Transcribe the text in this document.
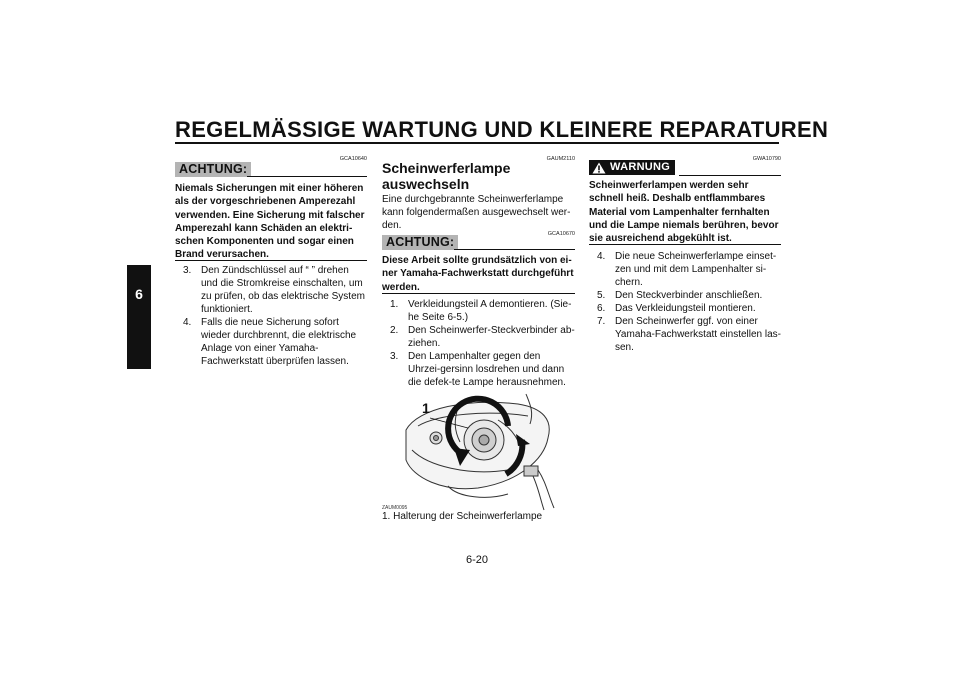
REGELMÄSSIGE WARTUNG UND KLEINERE REPARATUREN
6
GCA10640
ACHTUNG:
Niemals Sicherungen mit einer höheren als der vorgeschriebenen Amperezahl verwenden. Eine Sicherung mit falscher Amperezahl kann Schäden an elektri-schen Komponenten und sogar einen Brand verursachen.
3. Den Zündschlüssel auf “ ” drehen und die Stromkreise einschalten, um zu prüfen, ob das elektrische System funktioniert.
4. Falls die neue Sicherung sofort wieder durchbrennt, die elektrische Anlage von einer Yamaha-Fachwerkstatt überprüfen lassen.
GAUM2110
Scheinwerferlampe auswechseln
Eine durchgebrannte Scheinwerferlampe kann folgendermaßen ausgewechselt wer-den.
GCA10670
ACHTUNG:
Diese Arbeit sollte grundsätzlich von ei-ner Yamaha-Fachwerkstatt durchgeführt werden.
1. Verkleidungsteil A demontieren. (Sie-he Seite 6-5.)
2. Den Scheinwerfer-Steckverbinder ab-ziehen.
3. Den Lampenhalter gegen den Uhrzei-gersinn losdrehen und dann die defek-te Lampe herausnehmen.
1
ZAUM0095
1. Halterung der Scheinwerferlampe
GWA10790
WARNUNG
Scheinwerferlampen werden sehr schnell heiß. Deshalb entflammbares Material vom Lampenhalter fernhalten und die Lampe niemals berühren, bevor sie ausreichend abgekühlt ist.
4. Die neue Scheinwerferlampe einset-zen und mit dem Lampenhalter si-chern.
5. Den Steckverbinder anschließen.
6. Das Verkleidungsteil montieren.
7. Den Scheinwerfer ggf. von einer Yamaha-Fachwerkstatt einstellen las-sen.
6-20
